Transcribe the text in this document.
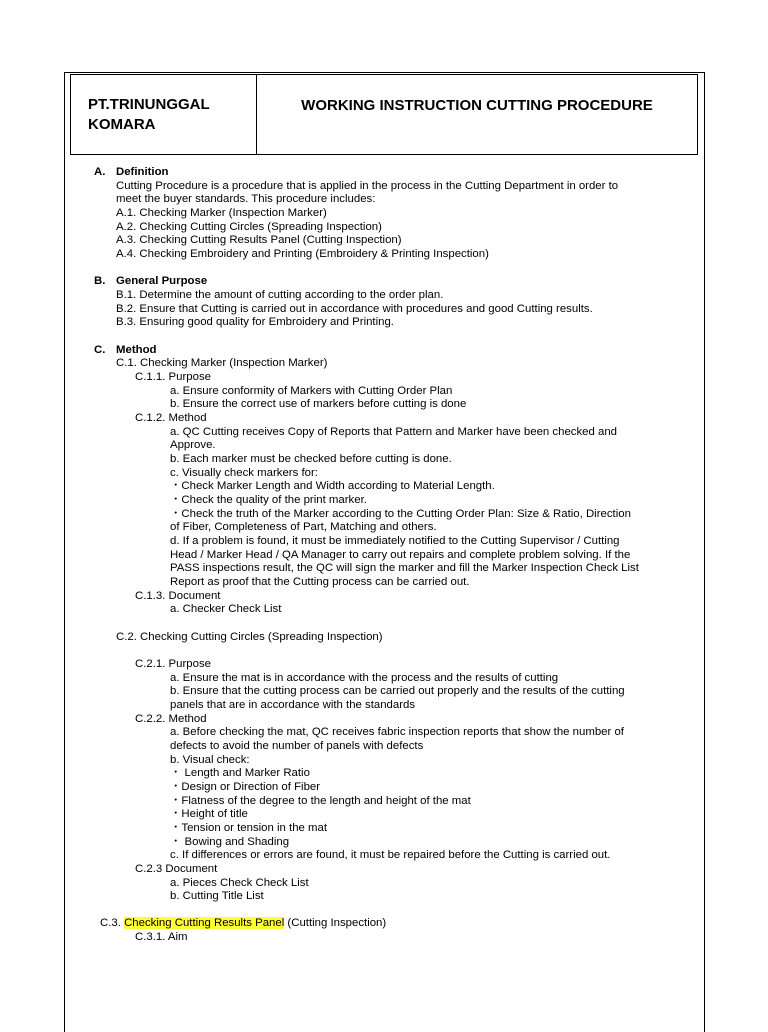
PT.TRINUNGGAL
KOMARA
WORKING INSTRUCTION CUTTING PROCEDURE
A. Definition
Cutting Procedure is a procedure that is applied in the process in the Cutting Department in order to
meet the buyer standards. This procedure includes:
A.1. Checking Marker (Inspection Marker)
A.2. Checking Cutting Circles (Spreading Inspection)
A.3. Checking Cutting Results Panel (Cutting Inspection)
A.4. Checking Embroidery and Printing (Embroidery & Printing Inspection)
B. General Purpose
B.1. Determine the amount of cutting according to the order plan.
B.2. Ensure that Cutting is carried out in accordance with procedures and good Cutting results.
B.3. Ensuring good quality for Embroidery and Printing.
C. Method
C.1. Checking Marker (Inspection Marker)
C.1.1. Purpose
a. Ensure conformity of Markers with Cutting Order Plan
b. Ensure the correct use of markers before cutting is done
C.1.2. Method
a. QC Cutting receives Copy of Reports that Pattern and Marker have been checked and
Approve.
b. Each marker must be checked before cutting is done.
c. Visually check markers for:
・Check Marker Length and Width according to Material Length.
・Check the quality of the print marker.
・Check the truth of the Marker according to the Cutting Order Plan: Size & Ratio, Direction
of Fiber, Completeness of Part, Matching and others.
d. If a problem is found, it must be immediately notified to the Cutting Supervisor / Cutting
Head / Marker Head / QA Manager to carry out repairs and complete problem solving. If the
PASS inspections result, the QC will sign the marker and fill the Marker Inspection Check List
Report as proof that the Cutting process can be carried out.
C.1.3. Document
a. Checker Check List
C.2. Checking Cutting Circles (Spreading Inspection)
C.2.1. Purpose
a. Ensure the mat is in accordance with the process and the results of cutting
b. Ensure that the cutting process can be carried out properly and the results of the cutting
panels that are in accordance with the standards
C.2.2. Method
a. Before checking the mat, QC receives fabric inspection reports that show the number of
defects to avoid the number of panels with defects
b. Visual check:
・ Length and Marker Ratio
・Design or Direction of Fiber
・Flatness of the degree to the length and height of the mat
・Height of title
・Tension or tension in the mat
・ Bowing and Shading
c. If differences or errors are found, it must be repaired before the Cutting is carried out.
C.2.3 Document
a. Pieces Check Check List
b. Cutting Title List
C.3. Checking Cutting Results Panel (Cutting Inspection)
C.3.1. Aim
